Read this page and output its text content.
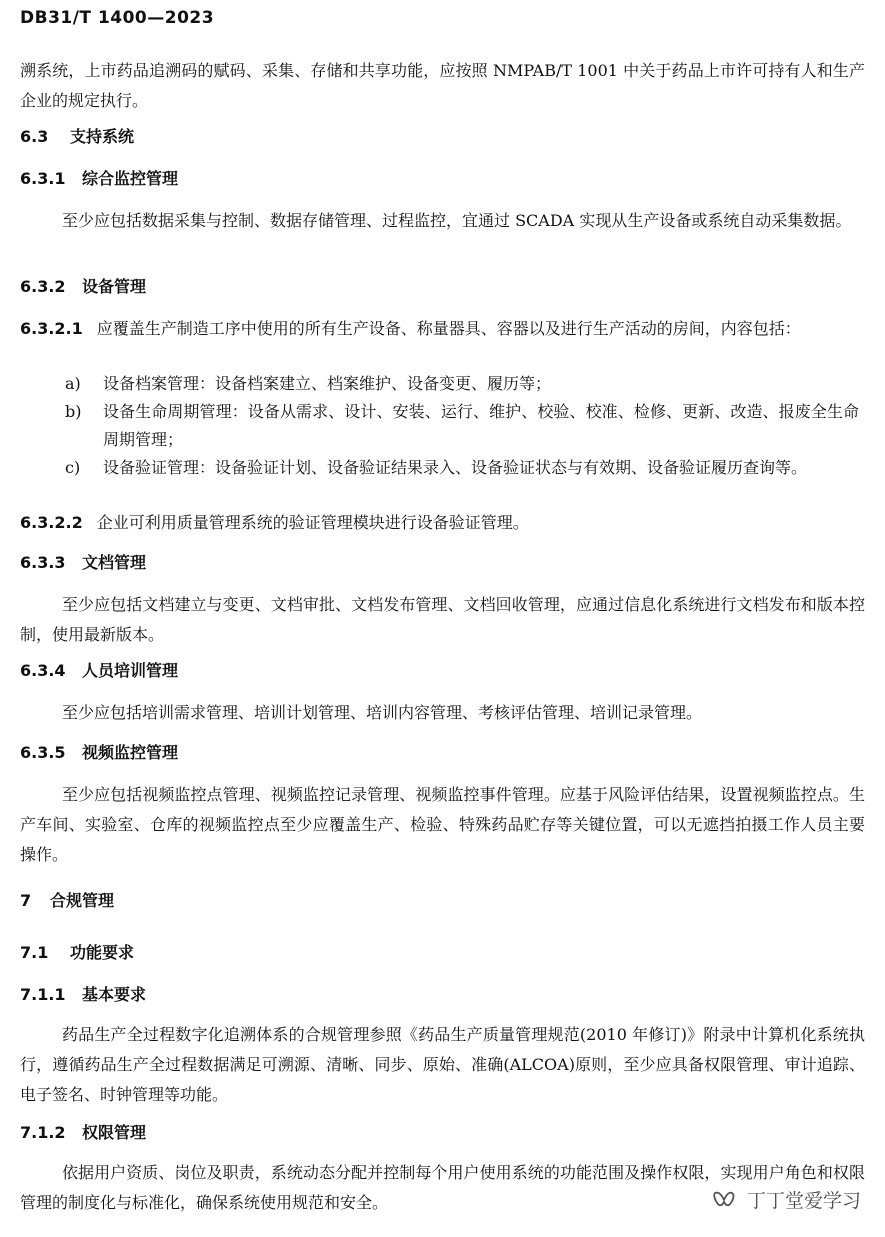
DB31/T 1400—2023
溯系统，上市药品追溯码的赋码、采集、存储和共享功能，应按照 NMPAB/T 1001 中关于药品上市许可持有人和生产企业的规定执行。
6.3 支持系统
6.3.1 综合监控管理
至少应包括数据采集与控制、数据存储管理、过程监控，宜通过 SCADA 实现从生产设备或系统自动采集数据。
6.3.2 设备管理
6.3.2.1 应覆盖生产制造工序中使用的所有生产设备、称量器具、容器以及进行生产活动的房间，内容包括：
a) 设备档案管理：设备档案建立、档案维护、设备变更、履历等；
b) 设备生命周期管理：设备从需求、设计、安装、运行、维护、校验、校准、检修、更新、改造、报废全生命周期管理；
c) 设备验证管理：设备验证计划、设备验证结果录入、设备验证状态与有效期、设备验证履历查询等。
6.3.2.2 企业可利用质量管理系统的验证管理模块进行设备验证管理。
6.3.3 文档管理
至少应包括文档建立与变更、文档审批、文档发布管理、文档回收管理，应通过信息化系统进行文档发布和版本控制，使用最新版本。
6.3.4 人员培训管理
至少应包括培训需求管理、培训计划管理、培训内容管理、考核评估管理、培训记录管理。
6.3.5 视频监控管理
至少应包括视频监控点管理、视频监控记录管理、视频监控事件管理。应基于风险评估结果，设置视频监控点。生产车间、实验室、仓库的视频监控点至少应覆盖生产、检验、特殊药品贮存等关键位置，可以无遮挡拍摄工作人员主要操作。
7 合规管理
7.1 功能要求
7.1.1 基本要求
药品生产全过程数字化追溯体系的合规管理参照《药品生产质量管理规范(2010 年修订)》附录中计算机化系统执行，遵循药品生产全过程数据满足可溯源、清晰、同步、原始、准确(ALCOA)原则，至少应具备权限管理、审计追踪、电子签名、时钟管理等功能。
7.1.2 权限管理
依据用户资质、岗位及职责，系统动态分配并控制每个用户使用系统的功能范围及操作权限，实现用户角色和权限管理的制度化与标准化，确保系统使用规范和安全。	丁丁堂爱学习
